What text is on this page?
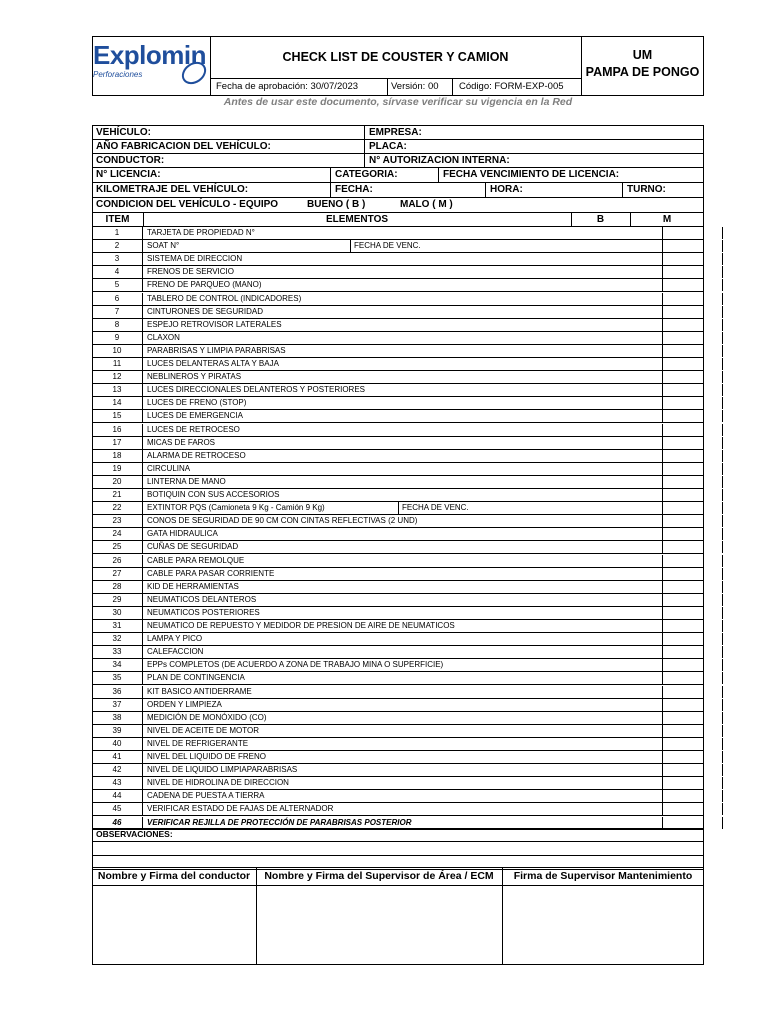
Explomin
Perforaciones
CHECK LIST DE COUSTER Y CAMION	UM
PAMPA DE PONGO
Fecha de aprobación: 30/07/2023	Versión: 00 Código: FORM-EXP-005
Antes de usar este documento, sírvase verificar su vigencia en la Red
VEHÍCULO:	EMPRESA:
AÑO FABRICACION DEL VEHÍCULO:	PLACA:
CONDUCTOR:	N° AUTORIZACION INTERNA:
N° LICENCIA:	CATEGORIA:	FECHA VENCIMIENTO DE LICENCIA:
KILOMETRAJE DEL VEHÍCULO:	FECHA:	HORA:	TURNO:
CONDICION DEL VEHÍCULO - EQUIPO	BUENO ( B )	MALO ( M )
ITEM	ELEMENTOS	B	M
1	TARJETA DE PROPIEDAD N°
2	SOAT N°	FECHA DE VENC.
3	SISTEMA DE DIRECCION
4	FRENOS DE SERVICIO
5	FRENO DE PARQUEO (MANO)
6	TABLERO DE CONTROL (INDICADORES)
7	CINTURONES DE SEGURIDAD
8	ESPEJO RETROVISOR LATERALES
9	CLAXON
10	PARABRISAS Y LIMPIA PARABRISAS
11	LUCES DELANTERAS ALTA Y BAJA
12	NEBLINEROS Y PIRATAS
13	LUCES DIRECCIONALES DELANTEROS Y POSTERIORES
14	LUCES DE FRENO (STOP)
15	LUCES DE EMERGENCIA
16	LUCES DE RETROCESO
17	MICAS DE FAROS
18	ALARMA DE RETROCESO
19	CIRCULINA
20	LINTERNA DE MANO
21	BOTIQUIN CON SUS ACCESORIOS
22	EXTINTOR PQS (Camioneta 9 Kg - Camión 9 Kg)	FECHA DE VENC.
23	CONOS DE SEGURIDAD DE 90 CM CON CINTAS REFLECTIVAS (2 UND)
24	GATA HIDRAULICA
25	CUÑAS DE SEGURIDAD
26	CABLE PARA REMOLQUE
27	CABLE PARA PASAR CORRIENTE
28	KID DE HERRAMIENTAS
29	NEUMATICOS DELANTEROS
30	NEUMATICOS POSTERIORES
31	NEUMATICO DE REPUESTO Y MEDIDOR DE PRESION DE AIRE DE NEUMATICOS
32	LAMPA Y PICO
33	CALEFACCION
34	EPPs COMPLETOS (DE ACUERDO A ZONA DE TRABAJO MINA O SUPERFICIE)
35	PLAN DE CONTINGENCIA
36	KIT BASICO ANTIDERRAME
37	ORDEN Y LIMPIEZA
38	MEDICIÓN DE MONÓXIDO (CO)
39	NIVEL DE ACEITE DE MOTOR
40	NIVEL DE REFRIGERANTE
41	NIVEL DEL LIQUIDO DE FRENO
42	NIVEL DE LIQUIDO LIMPIAPARABRISAS
43	NIVEL DE HIDROLINA DE DIRECCION
44	CADENA DE PUESTA A TIERRA
45	VERIFICAR ESTADO DE FAJAS DE ALTERNADOR
46	VERIFICAR REJILLA DE PROTECCIÓN DE PARABRISAS POSTERIOR
OBSERVACIONES:
Nombre y Firma del conductor	Nombre y Firma del Supervisor de Área / ECM	Firma de Supervisor Mantenimiento
